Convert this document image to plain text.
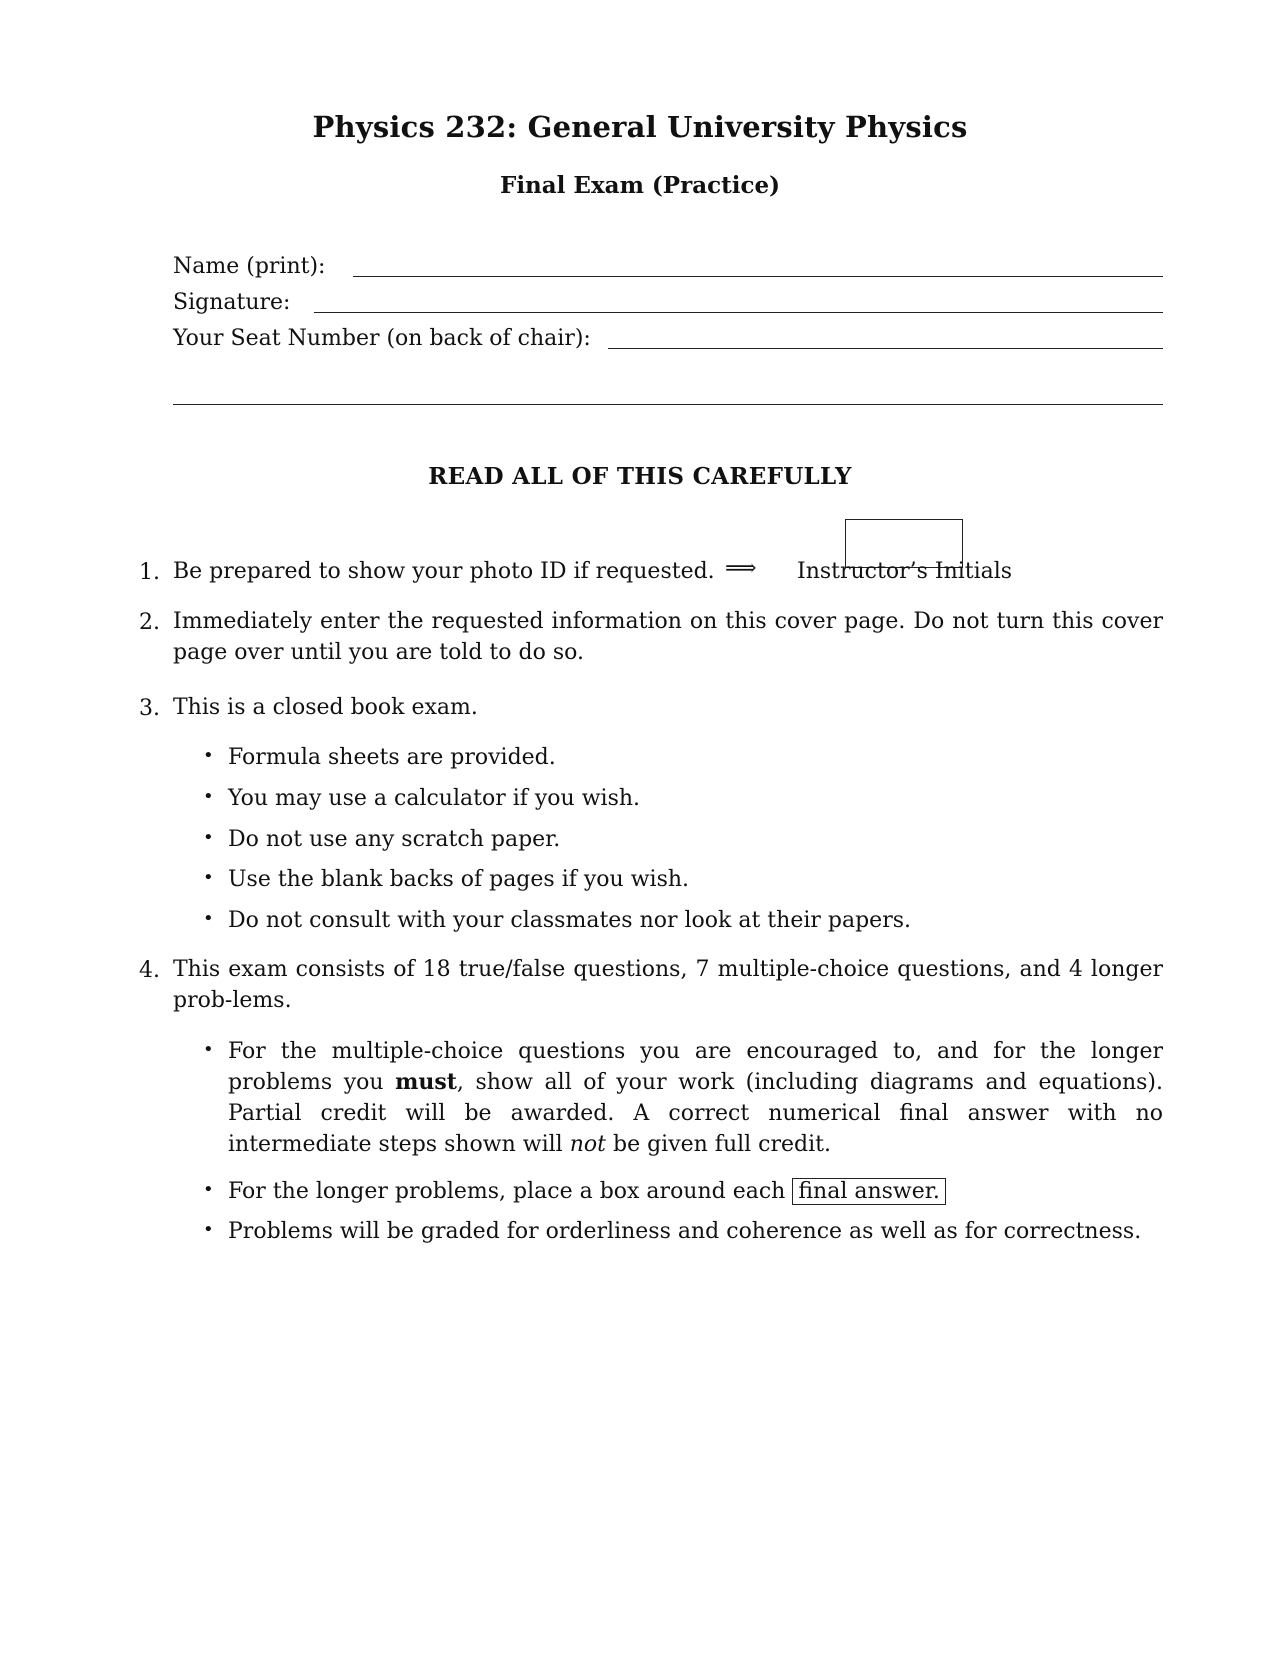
Physics 232: General University Physics
Final Exam (Practice)
Name (print):
Signature:
Your Seat Number (on back of chair):
READ ALL OF THIS CAREFULLY
1. Be prepared to show your photo ID if requested. ⟹ Instructor’s Initials
2. Immediately enter the requested information on this cover page. Do not turn this cover page over until you are told to do so.
3. This is a closed book exam.
• Formula sheets are provided.
• You may use a calculator if you wish.
• Do not use any scratch paper.
• Use the blank backs of pages if you wish.
• Do not consult with your classmates nor look at their papers.
4. This exam consists of 18 true/false questions, 7 multiple-choice questions, and 4 longer prob-lems.
• For the multiple-choice questions you are encouraged to, and for the longer problems you must, show all of your work (including diagrams and equations). Partial credit will be awarded. A correct numerical final answer with no intermediate steps shown will not be given full credit.
• For the longer problems, place a box around each final answer.
• Problems will be graded for orderliness and coherence as well as for correctness.
